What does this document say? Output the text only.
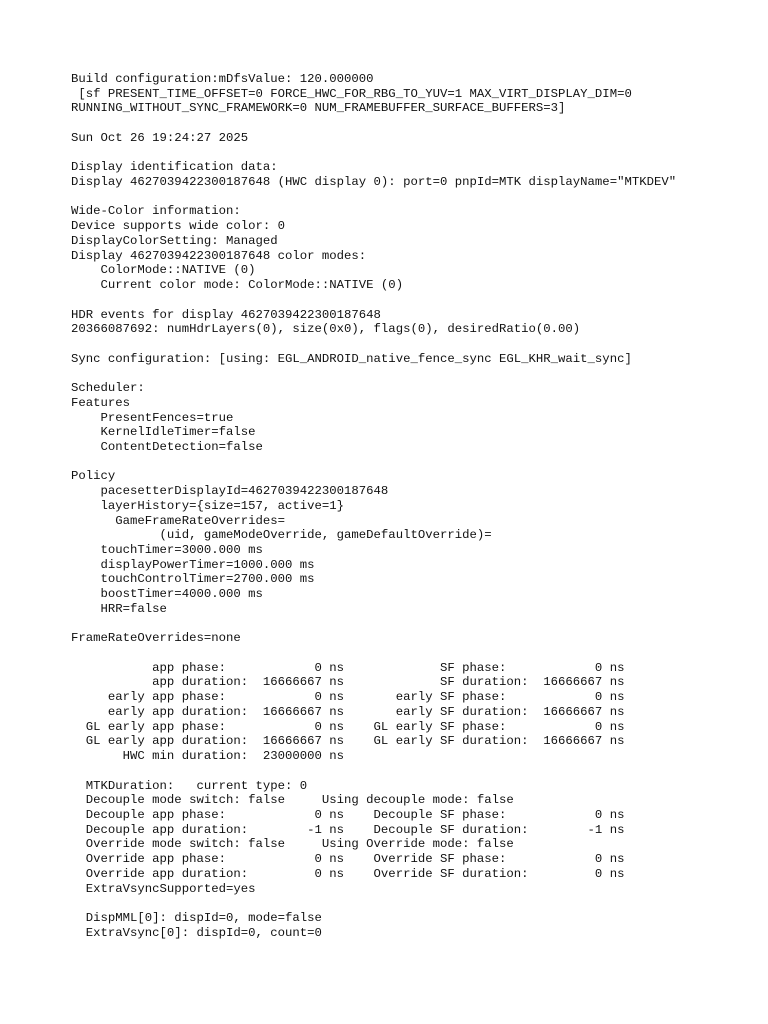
Build configuration:mDfsValue: 120.000000
[sf PRESENT_TIME_OFFSET=0 FORCE_HWC_FOR_RBG_TO_YUV=1 MAX_VIRT_DISPLAY_DIM=0
RUNNING_WITHOUT_SYNC_FRAMEWORK=0 NUM_FRAMEBUFFER_SURFACE_BUFFERS=3]
Sun Oct 26 19:24:27 2025
Display identification data:
Display 4627039422300187648 (HWC display 0): port=0 pnpId=MTK displayName="MTKDEV"
Wide-Color information:
Device supports wide color: 0
DisplayColorSetting: Managed
Display 4627039422300187648 color modes:
ColorMode::NATIVE (0)
Current color mode: ColorMode::NATIVE (0)
HDR events for display 4627039422300187648
20366087692: numHdrLayers(0), size(0x0), flags(0), desiredRatio(0.00)
Sync configuration: [using: EGL_ANDROID_native_fence_sync EGL_KHR_wait_sync]
Scheduler:
Features
PresentFences=true
KernelIdleTimer=false
ContentDetection=false
Policy
pacesetterDisplayId=4627039422300187648
layerHistory={size=157, active=1}
GameFrameRateOverrides=
(uid, gameModeOverride, gameDefaultOverride)=
touchTimer=3000.000 ms
displayPowerTimer=1000.000 ms
touchControlTimer=2700.000 ms
boostTimer=4000.000 ms
HRR=false
FrameRateOverrides=none
app phase:            0 ns             SF phase:            0 ns
app duration:  16666667 ns             SF duration:  16666667 ns
early app phase:            0 ns       early SF phase:            0 ns
early app duration:  16666667 ns       early SF duration:  16666667 ns
GL early app phase:            0 ns    GL early SF phase:            0 ns
GL early app duration:  16666667 ns    GL early SF duration:  16666667 ns
HWC min duration:  23000000 ns
MTKDuration:   current type: 0
Decouple mode switch: false     Using decouple mode: false
Decouple app phase:            0 ns    Decouple SF phase:            0 ns
Decouple app duration:        -1 ns    Decouple SF duration:        -1 ns
Override mode switch: false     Using Override mode: false
Override app phase:            0 ns    Override SF phase:            0 ns
Override app duration:         0 ns    Override SF duration:         0 ns
ExtraVsyncSupported=yes
DispMML[0]: dispId=0, mode=false
ExtraVsync[0]: dispId=0, count=0
